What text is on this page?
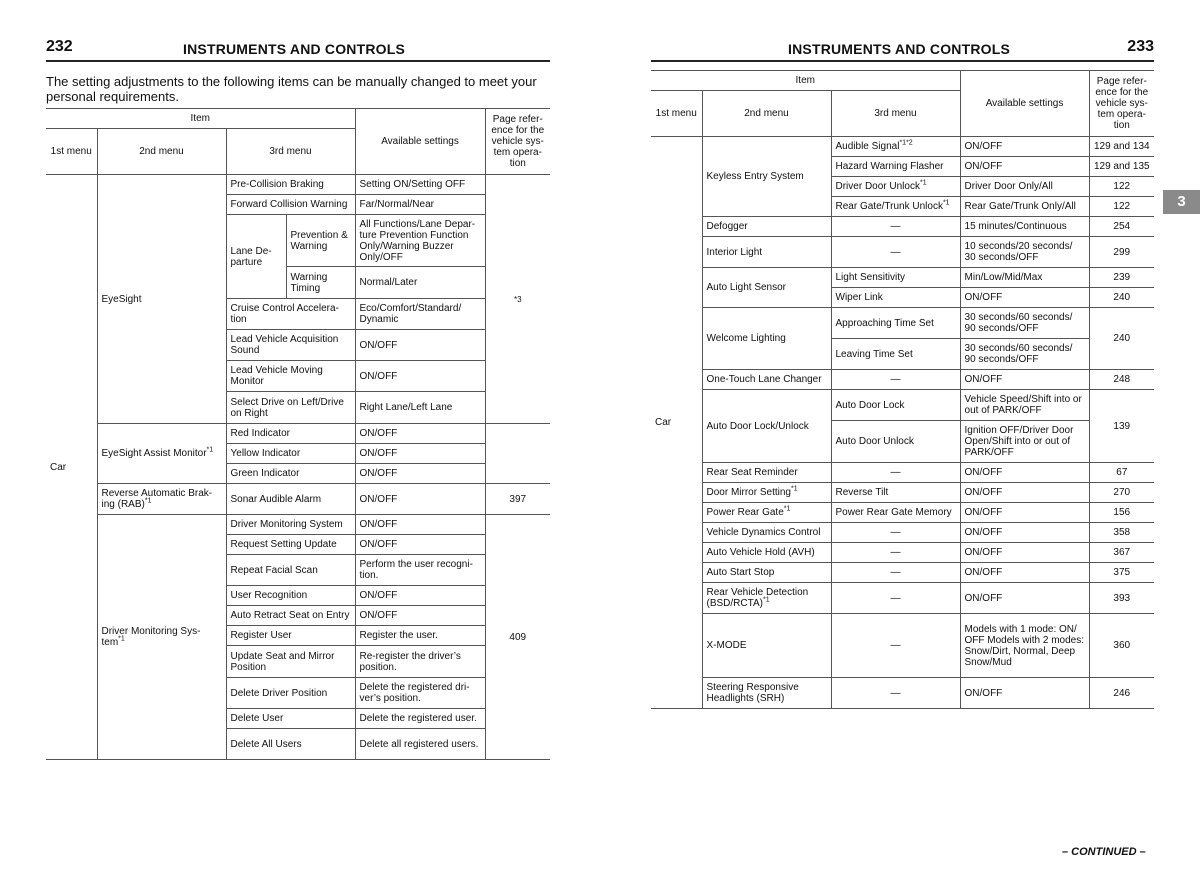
232	INSTRUMENTS AND CONTROLS
The setting adjustments to the following items can be manually changed to meet your personal requirements.
Item				Available settings	Page refer-ence for the vehicle sys-tem opera-tion
1st menu	2nd menu	3rd menu			
Car	EyeSight	Pre-Collision Braking		Setting ON/Setting OFF	*3
		Forward Collision Warning		Far/Normal/Near	
		Lane De-parture	Prevention & Warning	All Functions/Lane Depar-ture Prevention Function Only/Warning Buzzer Only/OFF	
			Warning Timing	Normal/Later	
		Cruise Control Accelera-tion		Eco/Comfort/Standard/ Dynamic	
		Lead Vehicle Acquisition Sound		ON/OFF	
		Lead Vehicle Moving Monitor		ON/OFF	
		Select Drive on Left/Drive on Right		Right Lane/Left Lane	
	EyeSight Assist Monitor$^{*1}$	Red Indicator		ON/OFF	
		Yellow Indicator		ON/OFF	
		Green Indicator		ON/OFF	
	Reverse Automatic Brak-ing (RAB)$^{*1}$	Sonar Audible Alarm		ON/OFF	397
	Driver Monitoring Sys-tem$^{*1}$	Driver Monitoring System		ON/OFF	409
		Request Setting Update		ON/OFF	
		Repeat Facial Scan		Perform the user recogni-tion.	
		User Recognition		ON/OFF	
		Auto Retract Seat on Entry		ON/OFF	
		Register User		Register the user.	
		Update Seat and Mirror Position		Re-register the driver’s position.	
		Delete Driver Position		Delete the registered dri-ver’s position.	
		Delete User		Delete the registered user.	
		Delete All Users		Delete all registered users.	
INSTRUMENTS AND CONTROLS	233
Item			Available settings	Page refer-ence for the vehicle sys-tem opera-tion
1st menu	2nd menu	3rd menu		
Car	Keyless Entry System	Audible Signal$^{*1*2}$	ON/OFF	129 and 134
		Hazard Warning Flasher	ON/OFF	129 and 135
		Driver Door Unlock$^{*1}$	Driver Door Only/All	122
		Rear Gate/Trunk Unlock$^{*1}$	Rear Gate/Trunk Only/All	122
	Defogger	—	15 minutes/Continuous	254
	Interior Light	—	10 seconds/20 seconds/ 30 seconds/OFF	299
	Auto Light Sensor	Light Sensitivity	Min/Low/Mid/Max	239
		Wiper Link	ON/OFF	240
	Welcome Lighting	Approaching Time Set	30 seconds/60 seconds/ 90 seconds/OFF	240
		Leaving Time Set	30 seconds/60 seconds/ 90 seconds/OFF	
	One-Touch Lane Changer	—	ON/OFF	248
	Auto Door Lock/Unlock	Auto Door Lock	Vehicle Speed/Shift into or out of PARK/OFF	139
		Auto Door Unlock	Ignition OFF/Driver Door Open/Shift into or out of PARK/OFF	
	Rear Seat Reminder	—	ON/OFF	67
	Door Mirror Setting$^{*1}$	Reverse Tilt	ON/OFF	270
	Power Rear Gate$^{*1}$	Power Rear Gate Memory	ON/OFF	156
	Vehicle Dynamics Control	—	ON/OFF	358
	Auto Vehicle Hold (AVH)	—	ON/OFF	367
	Auto Start Stop	—	ON/OFF	375
	Rear Vehicle Detection (BSD/RCTA)$^{*1}$	—	ON/OFF	393
	X-MODE	—	Models with 1 mode: ON/ OFF Models with 2 modes: Snow/Dirt, Normal, Deep Snow/Mud	360
	Steering Responsive Headlights (SRH)	—	ON/OFF	246
3
– CONTINUED –
